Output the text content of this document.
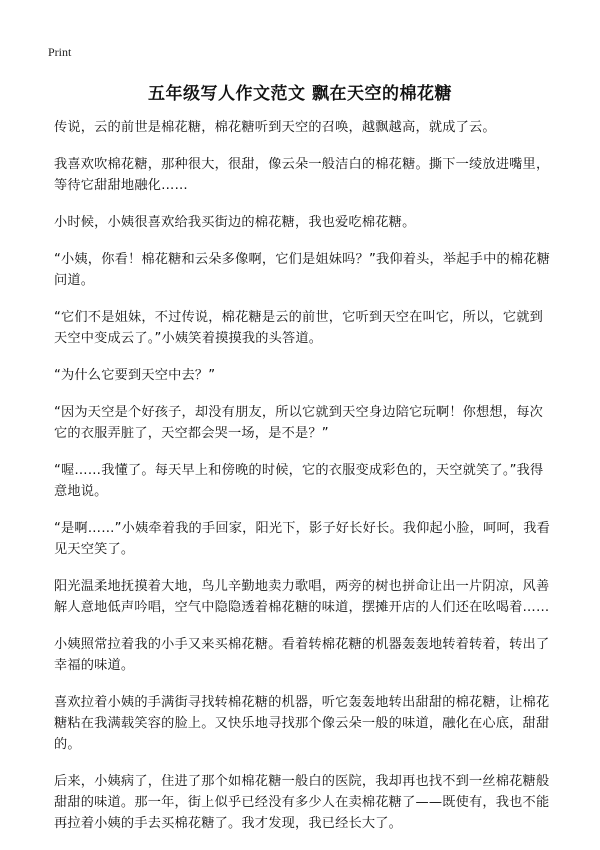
Print
五年级写人作文范文 飘在天空的棉花糖

传说，云的前世是棉花糖，棉花糖听到天空的召唤，越飘越高，就成了云。

我喜欢吹棉花糖，那种很大，很甜，像云朵一般洁白的棉花糖。撕下一绫放进嘴里，等待它甜甜地融化……

小时候，小姨很喜欢给我买街边的棉花糖，我也爱吃棉花糖。

“小姨，你看！棉花糖和云朵多像啊，它们是姐妹吗？”我仰着头，举起手中的棉花糖问道。

“它们不是姐妹，不过传说，棉花糖是云的前世，它听到天空在叫它，所以，它就到天空中变成云了。”小姨笑着摸摸我的头答道。

“为什么它要到天空中去？”

“因为天空是个好孩子，却没有朋友，所以它就到天空身边陪它玩啊！你想想，每次它的衣服弄脏了，天空都会哭一场，是不是？”

“喔……我懂了。每天早上和傍晚的时候，它的衣服变成彩色的，天空就笑了。”我得意地说。

“是啊……”小姨牵着我的手回家，阳光下，影子好长好长。我仰起小脸，呵呵，我看见天空笑了。

阳光温柔地抚摸着大地，鸟儿辛勤地卖力歌唱，两旁的树也拼命让出一片阴凉，风善解人意地低声吟唱，空气中隐隐透着棉花糖的味道，摆摊开店的人们还在吆喝着……

小姨照常拉着我的小手又来买棉花糖。看着转棉花糖的机器轰轰地转着转着，转出了幸福的味道。

喜欢拉着小姨的手满街寻找转棉花糖的机器，听它轰轰地转出甜甜的棉花糖，让棉花糖粘在我满载笑容的脸上。又快乐地寻找那个像云朵一般的味道，融化在心底，甜甜的。

后来，小姨病了，住进了那个如棉花糖一般白的医院，我却再也找不到一丝棉花糖般甜甜的味道。那一年，街上似乎已经没有多少人在卖棉花糖了——既使有，我也不能再拉着小姨的手去买棉花糖了。我才发现，我已经长大了。
